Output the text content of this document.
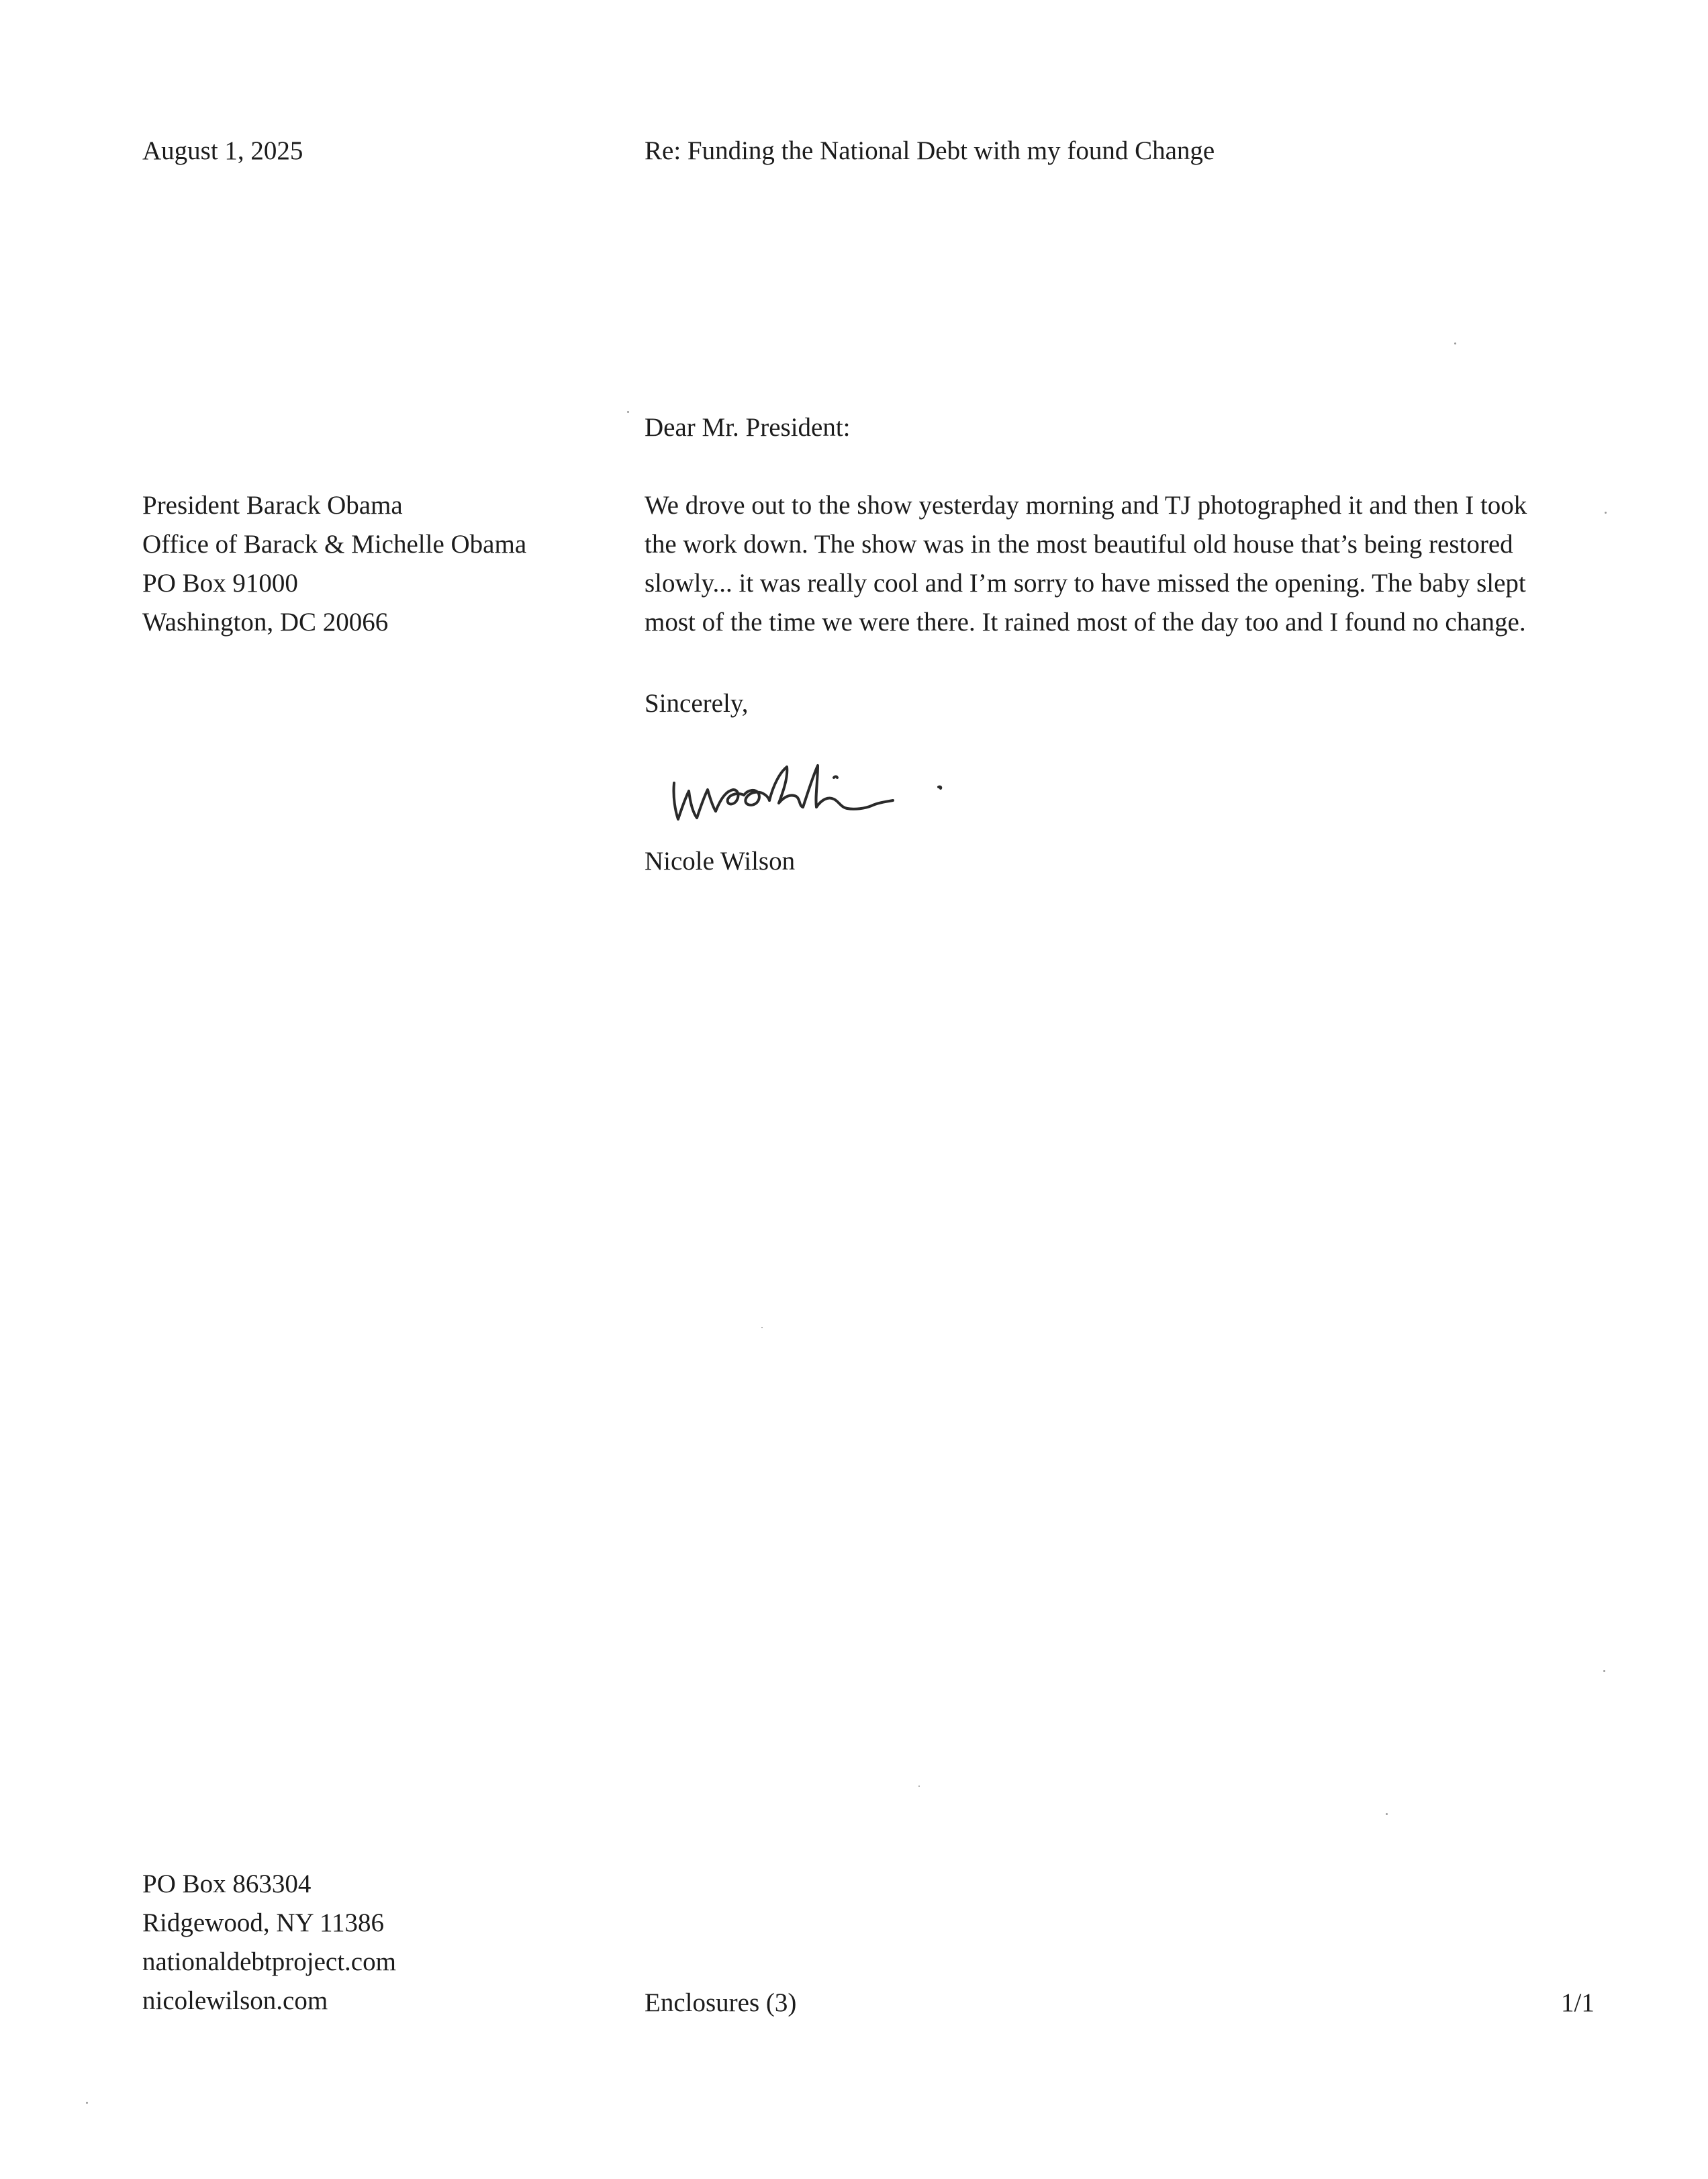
August 1, 2025	Re: Funding the National Debt with my found Change
Dear Mr. President:
President Barack Obama
Office of Barack & Michelle Obama
PO Box 91000
Washington, DC 20066
We drove out to the show yesterday morning and TJ photographed it and then I took
the work down. The show was in the most beautiful old house that’s being restored
slowly... it was really cool and I’m sorry to have missed the opening. The baby slept
most of the time we were there. It rained most of the day too and I found no change.
Sincerely,
Nicole Wilson
PO Box 863304
Ridgewood, NY 11386
nationaldebtproject.com
nicolewilson.com	Enclosures (3)	1/1
